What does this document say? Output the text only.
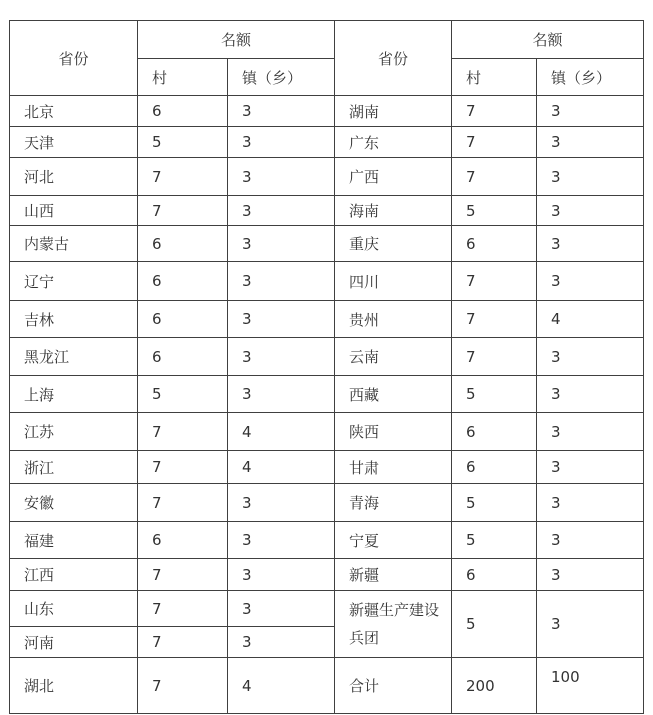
省份	名额		省份	名额	
	村	镇（乡）		村	镇（乡）
北京	6	3	湖南	7	3
天津	5	3	广东	7	3
河北	7	3	广西	7	3
山西	7	3	海南	5	3
内蒙古	6	3	重庆	6	3
辽宁	6	3	四川	7	3
吉林	6	3	贵州	7	4
黑龙江	6	3	云南	7	3
上海	5	3	西藏	5	3
江苏	7	4	陕西	6	3
浙江	7	4	甘肃	6	3
安徽	7	3	青海	5	3
福建	6	3	宁夏	5	3
江西	7	3	新疆	6	3
山东	7	3	新疆生产建设兵团	5	3
河南	7	3			
湖北	7	4	合计	200	100
